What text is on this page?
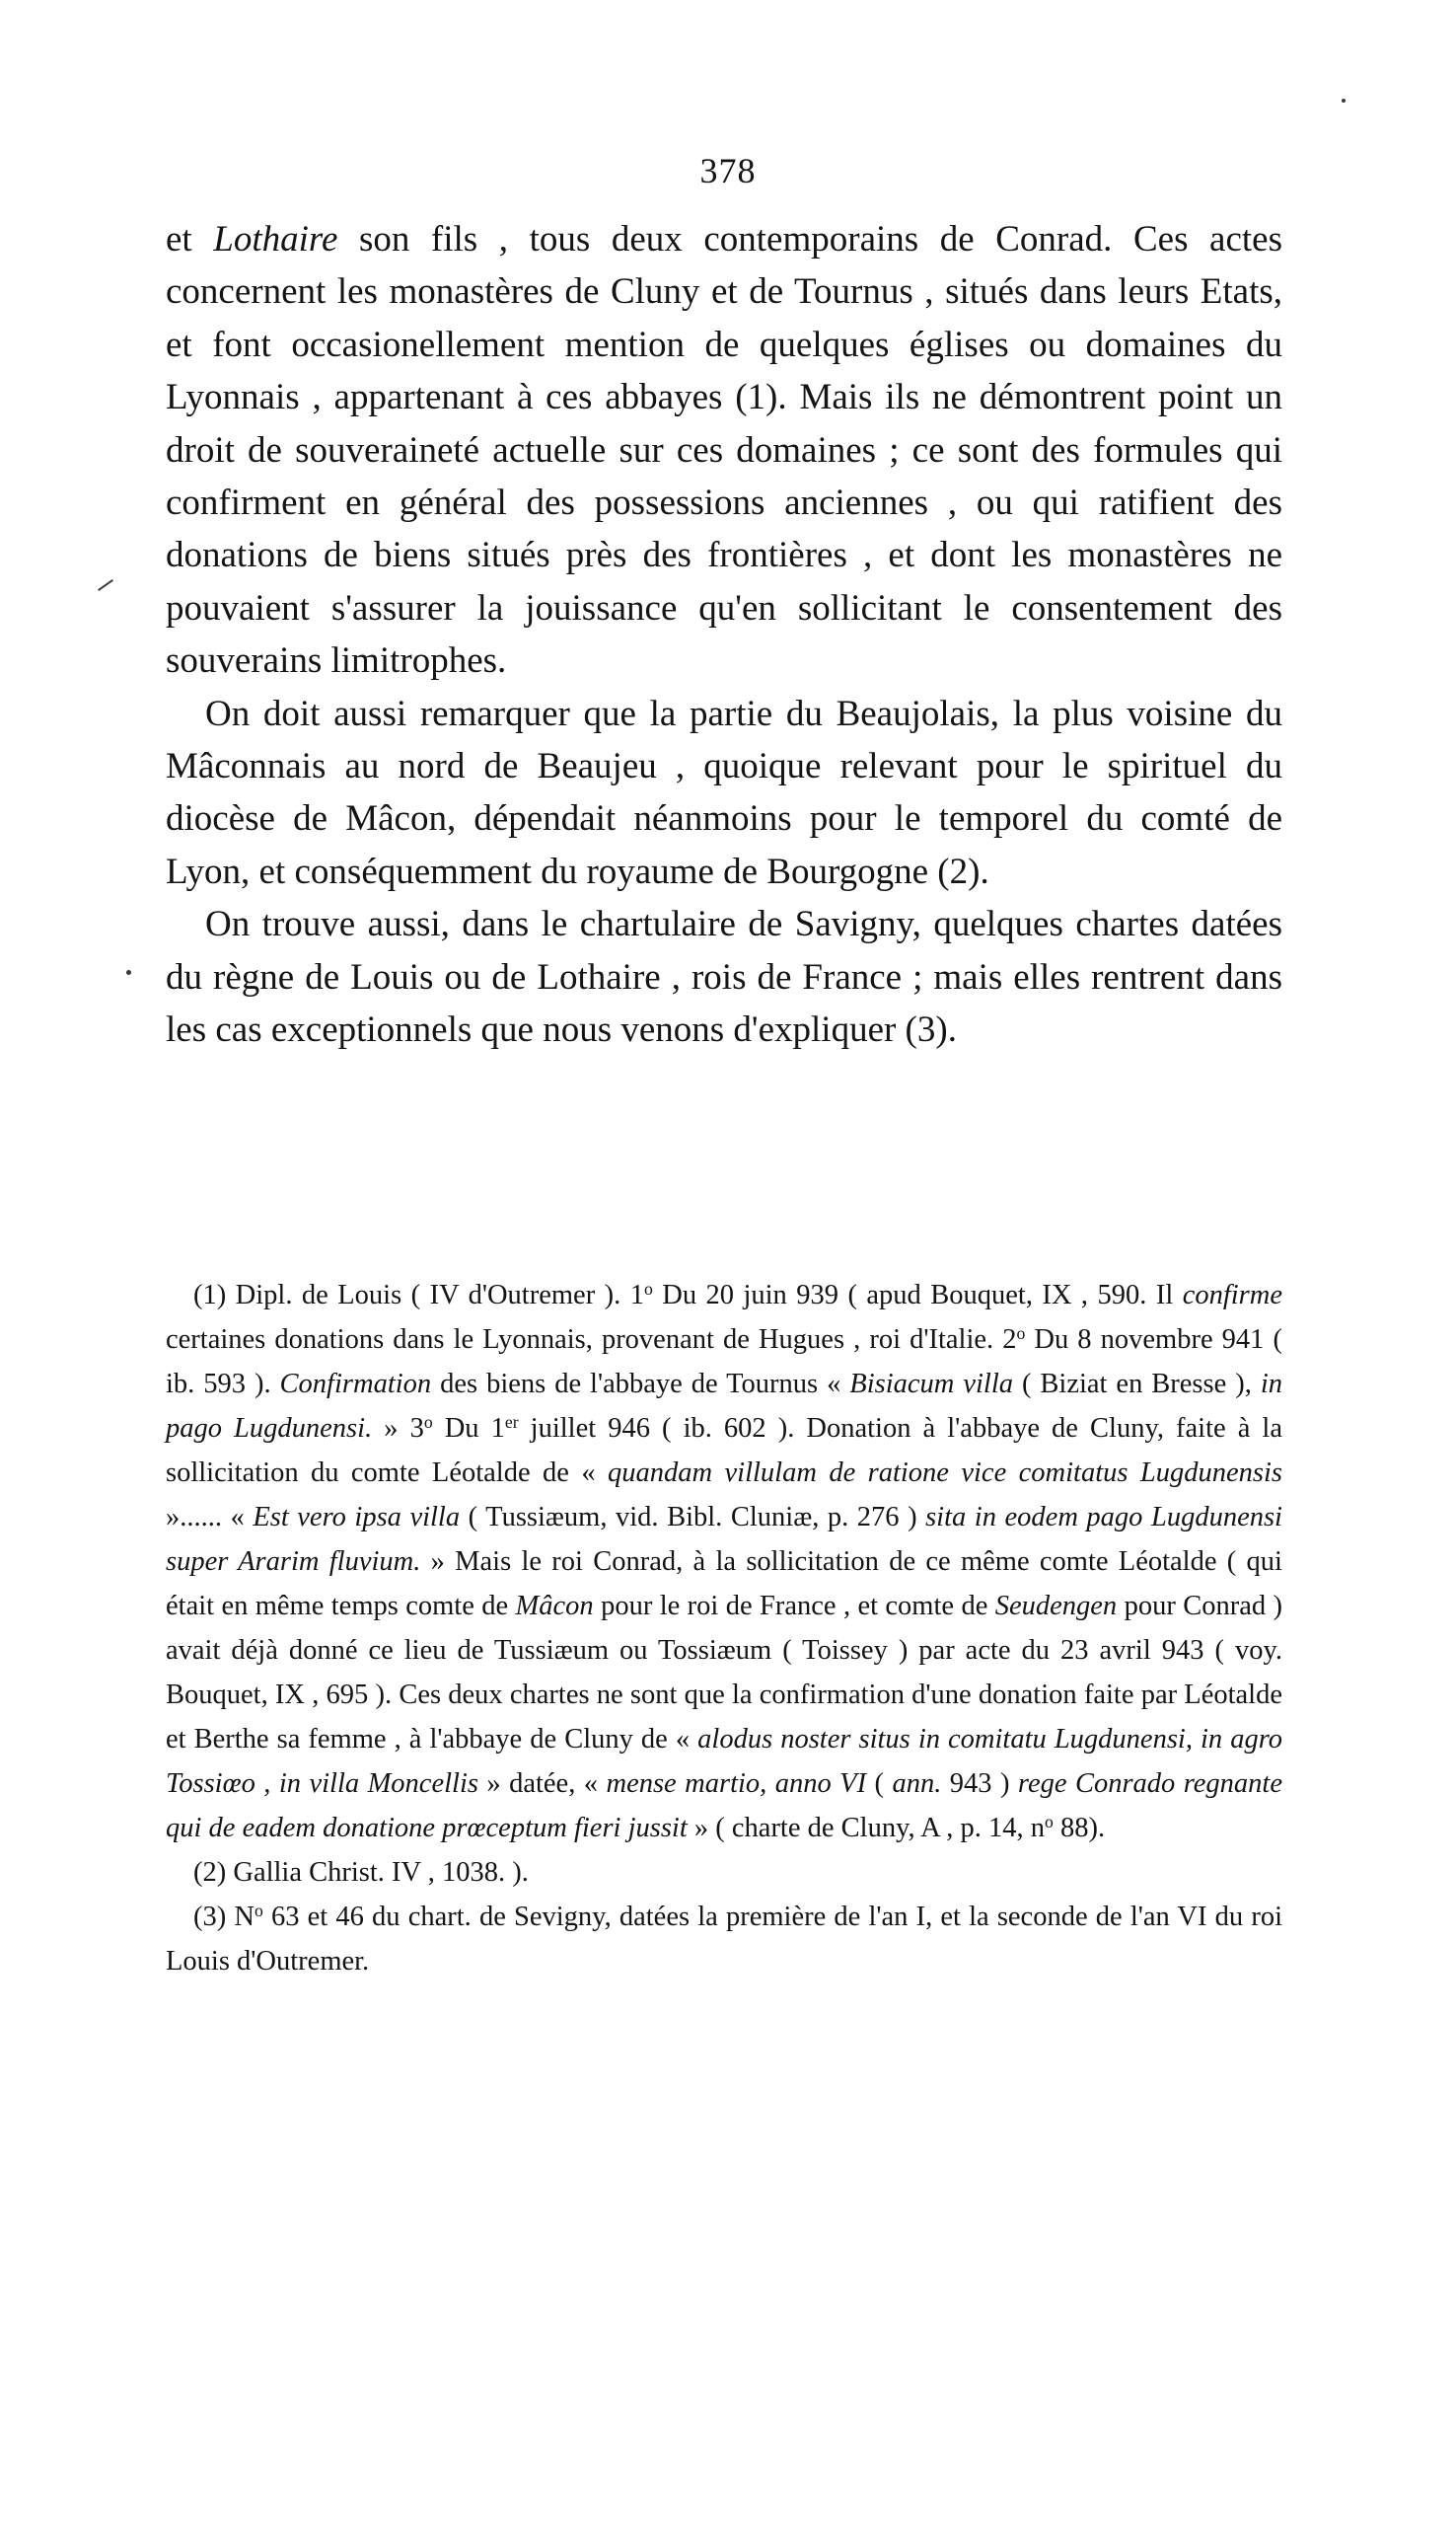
378

et Lothaire son fils , tous deux contemporains de Conrad. Ces actes concernent les monastères de Cluny et de Tournus , situés dans leurs Etats, et font occasionellement mention de quelques églises ou domaines du Lyonnais , appartenant à ces abbayes (1). Mais ils ne démontrent point un droit de souveraineté actuelle sur ces domaines ; ce sont des formules qui confirment en général des possessions anciennes , ou qui ratifient des donations de biens situés près des frontières , et dont les monastères ne pouvaient s'assurer la jouissance qu'en sollicitant le consentement des souverains limitrophes.

On doit aussi remarquer que la partie du Beaujolais, la plus voisine du Mâconnais au nord de Beaujeu , quoique relevant pour le spirituel du diocèse de Mâcon, dépendait néanmoins pour le temporel du comté de Lyon, et conséquemment du royaume de Bourgogne (2).

On trouve aussi, dans le chartulaire de Savigny, quelques chartes datées du règne de Louis ou de Lothaire , rois de France ; mais elles rentrent dans les cas exceptionnels que nous venons d'expliquer (3).

(1) Dipl. de Louis ( IV d'Outremer ). 1$^o$ Du 20 juin 939 ( apud Bouquet, IX , 590. Il confirme certaines donations dans le Lyonnais, provenant de Hugues , roi d'Italie. 2$^o$ Du 8 novembre 941 ( ib. 593 ). Confirmation des biens de l'abbaye de Tournus « Bisiacum villa ( Biziat en Bresse ), in pago Lugdunensi. » 3$^o$ Du 1er juillet 946 ( ib. 602 ). Donation à l'abbaye de Cluny, faite à la sollicitation du comte Léotalde de « quandam villulam de ratione vice comitatus Lugdunensis »...... « Est vero ipsa villa ( Tussiæum, vid. Bibl. Cluniæ, p. 276 ) sita in eodem pago Lugdunensi super Ararim fluvium. » Mais le roi Conrad, à la sollicitation de ce même comte Léotalde ( qui était en même temps comte de Mâcon pour le roi de France , et comte de Seudengen pour Conrad ) avait déjà donné ce lieu de Tussiæum ou Tossiæum ( Toissey ) par acte du 23 avril 943 ( voy. Bouquet, IX , 695 ). Ces deux chartes ne sont que la confirmation d'une donation faite par Léotalde et Berthe sa femme , à l'abbaye de Cluny de « alodus noster situs in comitatu Lugdunensi, in agro Tossiœo , in villa Moncellis » datée, « mense martio, anno VI ( ann. 943 ) rege Conrado regnante qui de eadem donatione prœceptum fieri jussit » ( charte de Cluny, A , p. 14, $n^o$ 88).

(2) Gallia Christ. IV , 1038. ).

(3) $N^o$ 63 et 46 du chart. de Sevigny, datées la première de l'an I, et la seconde de l'an VI du roi Louis d'Outremer.
